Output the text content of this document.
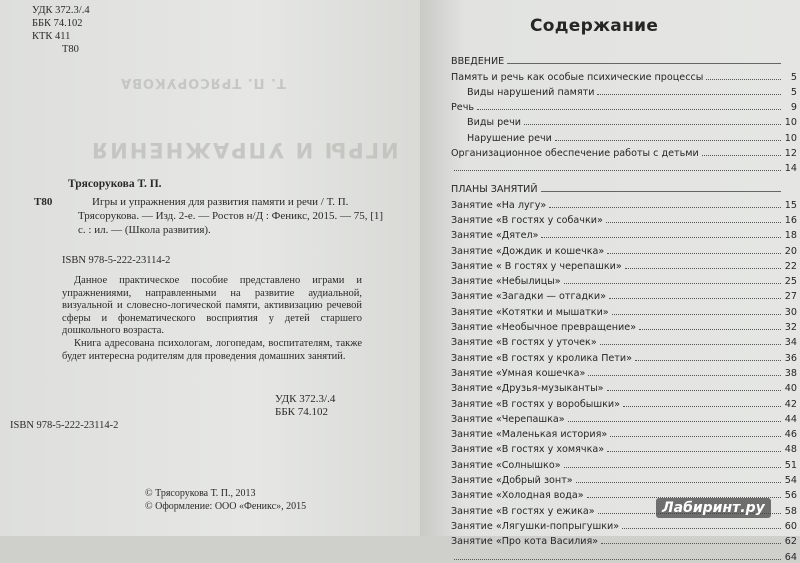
Т. П. ТРЯСОРУКОВА
ИГРЫ И УПРАЖНЕНИЯ
УДК 372.3/.4
ББК 74.102
КТК 411
Т80
Т80
Трясорукова Т. П.
Игры и упражнения для развития памяти и речи / Т. П. Трясорукова. — Изд. 2-е. — Ростов н/Д : Феникс, 2015. — 75, [1] с. : ил. — (Школа развития).
ISBN 978-5-222-23114-2

Данное практическое пособие представлено играми и упражнениями, направленными на развитие аудиальной, визуальной и словесно-логической памяти, активизацию речевой сферы и фонематического восприятия у детей старшего дошкольного возраста.

Книга адресована психологам, логопедам, воспитателям, также будет интересна родителям для проведения домашних занятий.

УДК 372.3/.4
ББК 74.102
ISBN 978-5-222-23114-2
© Трясорукова Т. П., 2013
© Оформление: ООО «Феникс», 2015
Содержание
ВВЕДЕНИЕ
Память и речь как особые психические процессы	5
Виды нарушений памяти	5
Речь	9
Виды речи	10
Нарушение речи	10
Организационное обеспечение работы с детьми	12
14
ПЛАНЫ ЗАНЯТИЙ
Занятие «На лугу»	15
Занятие «В гостях у собачки»	16
Занятие «Дятел»	18
Занятие «Дождик и кошечка»	20
Занятие « В гостях у черепашки»	22
Занятие «Небылицы»	25
Занятие «Загадки — отгадки»	27
Занятие «Котятки и мышатки»	30
Занятие «Необычное превращение»	32
Занятие «В гостях у уточек»	34
Занятие «В гостях у кролика Пети»	36
Занятие «Умная кошечка»	38
Занятие «Друзья-музыканты»	40
Занятие «В гостях у воробышки»	42
Занятие «Черепашка»	44
Занятие «Маленькая история»	46
Занятие «В гостях у хомячка»	48
Занятие «Солнышко»	51
Занятие «Добрый зонт»	54
Занятие «Холодная вода»	56
Занятие «В гостях у ежика»	58
Занятие «Лягушки-попрыгушки»	60
Занятие «Про кота Василия»	62
64
Лабиринт.ру
